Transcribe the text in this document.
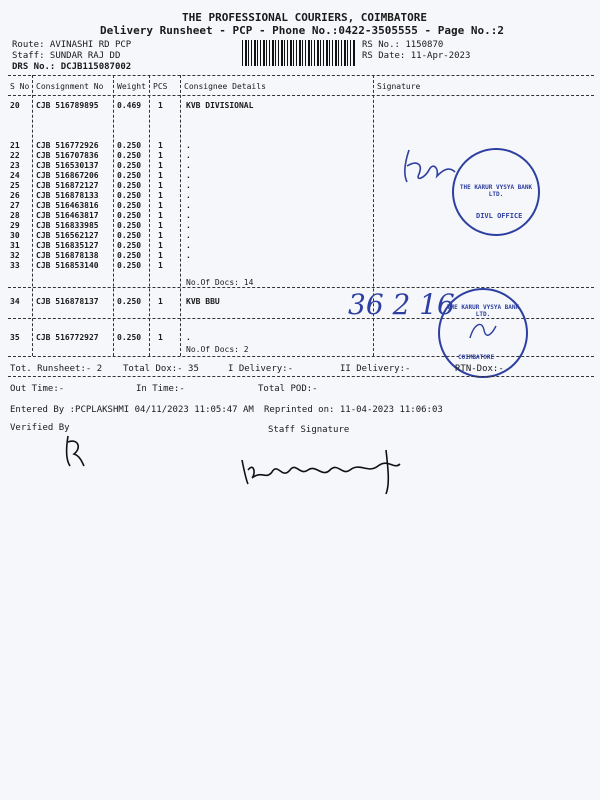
THE PROFESSIONAL COURIERS, COIMBATORE
Delivery Runsheet - PCP - Phone No.:0422-3505555 - Page No.:2
Route: AVINASHI RD PCP
Staff: SUNDAR RAJ DD
DRS No.: DCJB115087002
RS No.: 1150870
RS Date: 11-Apr-2023
S No Consignment No Weight PCS Consignee Details	Signature
20 CJB 516789895 0.469 1	KVB DIVISIONAL
21 CJB 516772926 0.250 1	.
22 CJB 516707836 0.250 1	.
23 CJB 516530137 0.250 1	.
24 CJB 516867206 0.250 1	.
25 CJB 516872127 0.250 1	.
26 CJB 516878133 0.250 1	.
27 CJB 516463816 0.250 1	.
28 CJB 516463817 0.250 1	.
29 CJB 516833985 0.250 1	.
30 CJB 516562127 0.250 1	.
31 CJB 516835127 0.250 1	.
32 CJB 516878138 0.250 1	.
33 CJB 516853140 0.250 1
34 CJB 516878137 0.250 1	KVB BBU
35 CJB 516772927 0.250 1	.
No.Of Docs: 14
No.Of Docs: 2
THE KARUR VYSYA BANK LTD.
DIVL OFFICE
36 2 16
THE KARUR VYSYA BANK LTD.
COIMBATORE
Tot. Runsheet:- 2 Total Dox:- 35	I Delivery:-	II Delivery:-	RTN-Dox:-
Out Time:-	In Time:-	Total POD:-
Entered By :PCPLAKSHMI 04/11/2023 11:05:47 AM Reprinted on: 11-04-2023 11:06:03
Verified By	Staff Signature
